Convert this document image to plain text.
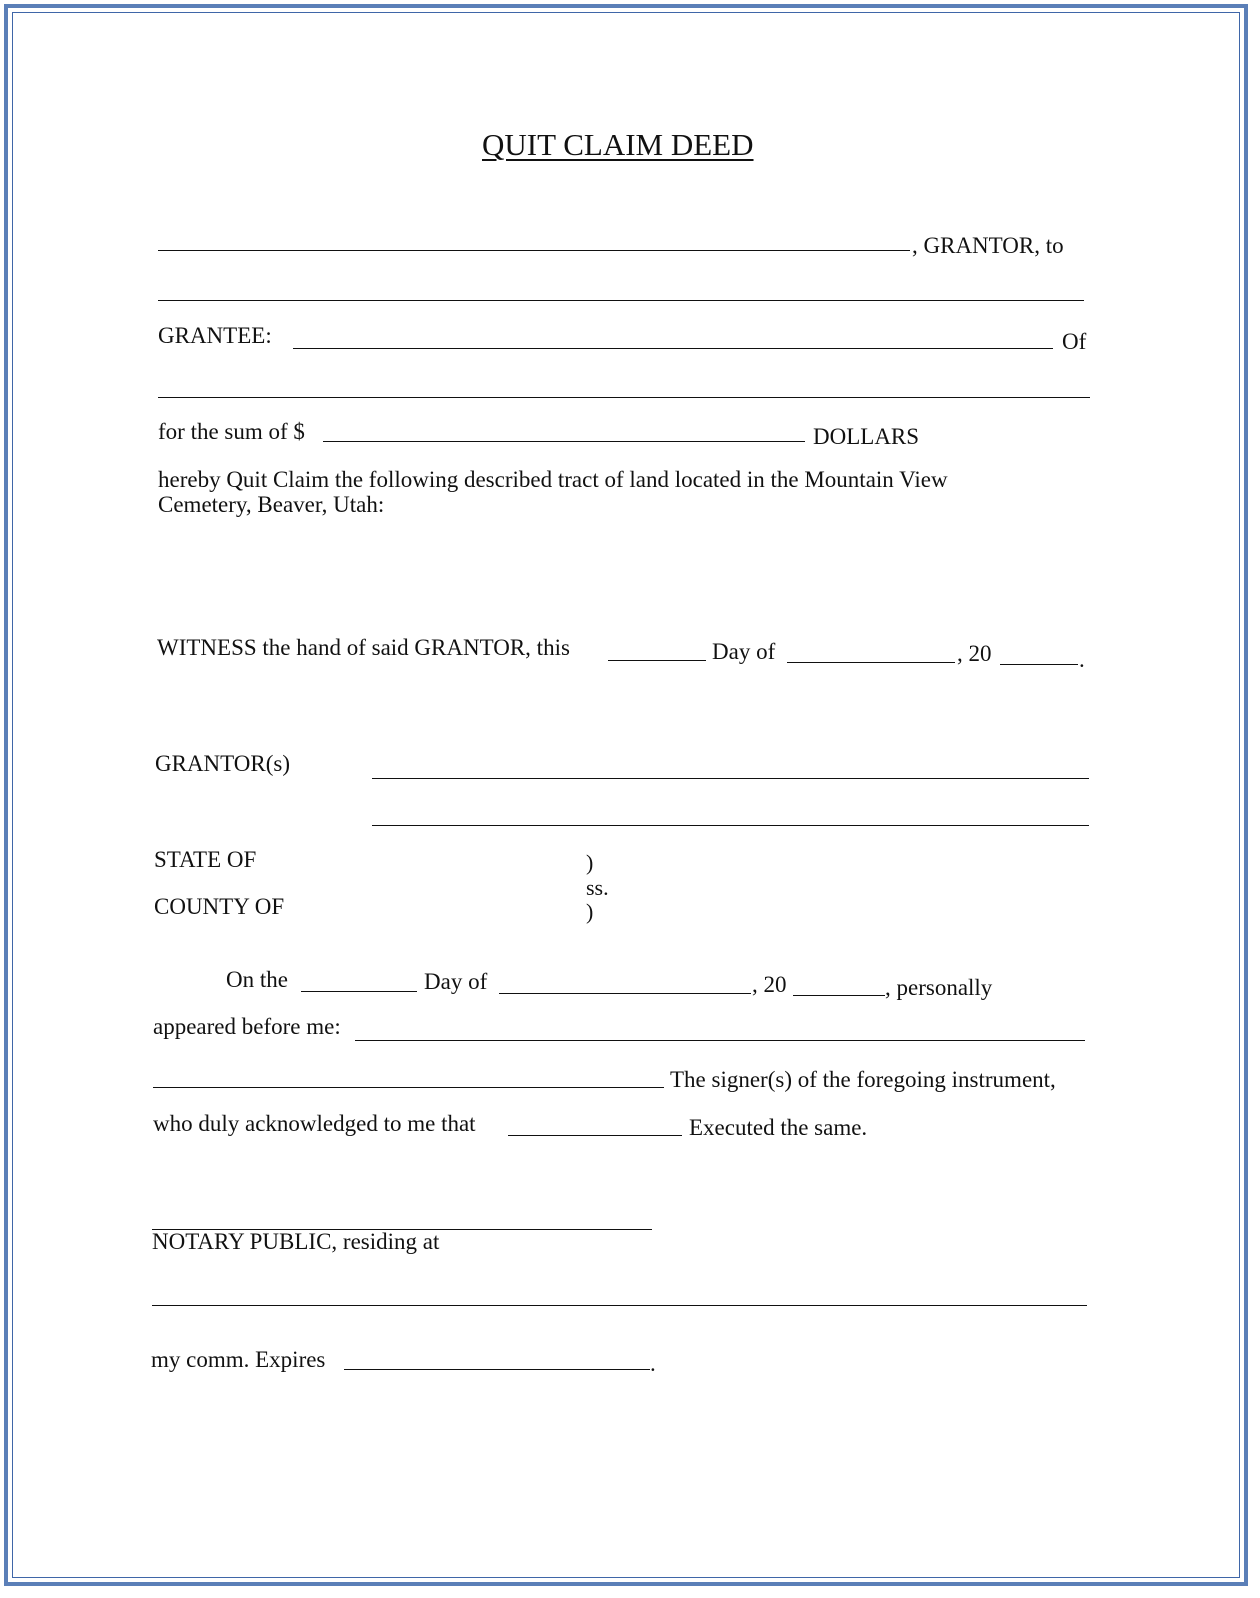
QUIT CLAIM DEED
, GRANTOR, to
GRANTEE:	Of
for the sum of $	DOLLARS
hereby Quit Claim the following described tract of land located in the Mountain View
Cemetery, Beaver, Utah:
WITNESS the hand of said GRANTOR, this	Day of	, 20	.
GRANTOR(s)
STATE OF
COUNTY OF
)
ss.
)
On the	Day of	, 20	, personally
appeared before me:
The signer(s) of the foregoing instrument,
who duly acknowledged to me that	Executed the same.
NOTARY PUBLIC, residing at
my comm. Expires	.
